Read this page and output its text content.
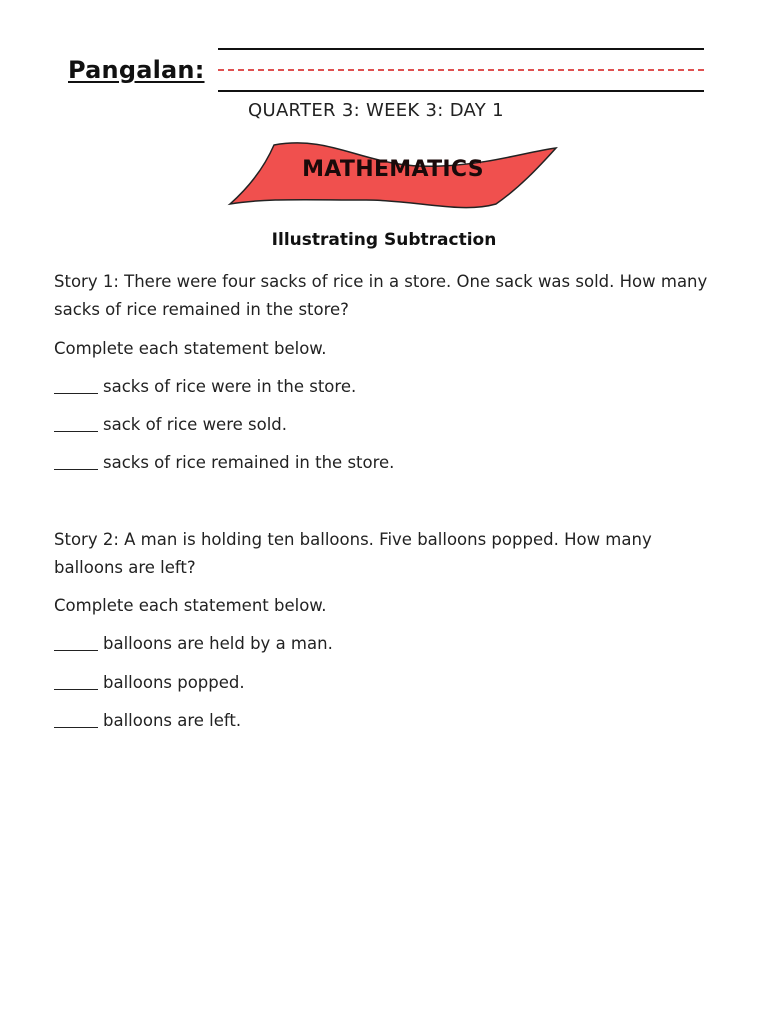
Pangalan:
QUARTER 3: WEEK 3: DAY 1
MATHEMATICS
Illustrating Subtraction
Story 1: There were four sacks of rice in a store. One sack was sold. How many sacks of rice remained in the store?
Complete each statement below.
sacks of rice were in the store.
sack of rice were sold.
sacks of rice remained in the store.
Story 2: A man is holding ten balloons. Five balloons popped. How many balloons are left?
Complete each statement below.
balloons are held by a man.
balloons popped.
balloons are left.
